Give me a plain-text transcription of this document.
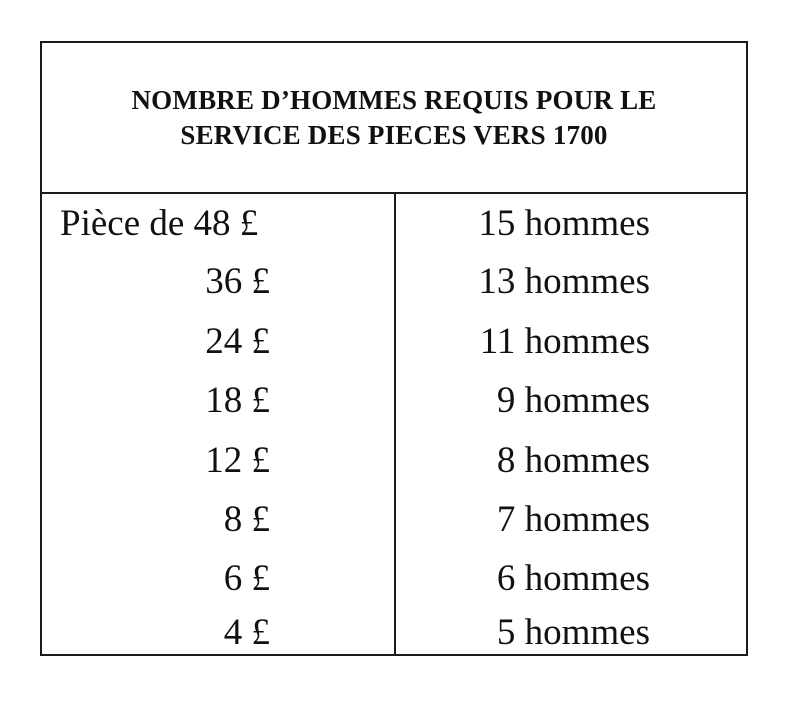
NOMBRE D’HOMMES REQUIS POUR LE
SERVICE DES PIECES VERS 1700
Pièce de 48 £	15 hommes
36 £	13 hommes
24 £	11 hommes
18 £	9 hommes
12 £	8 hommes
8 £	7 hommes
6 £	6 hommes
4 £	5 hommes
